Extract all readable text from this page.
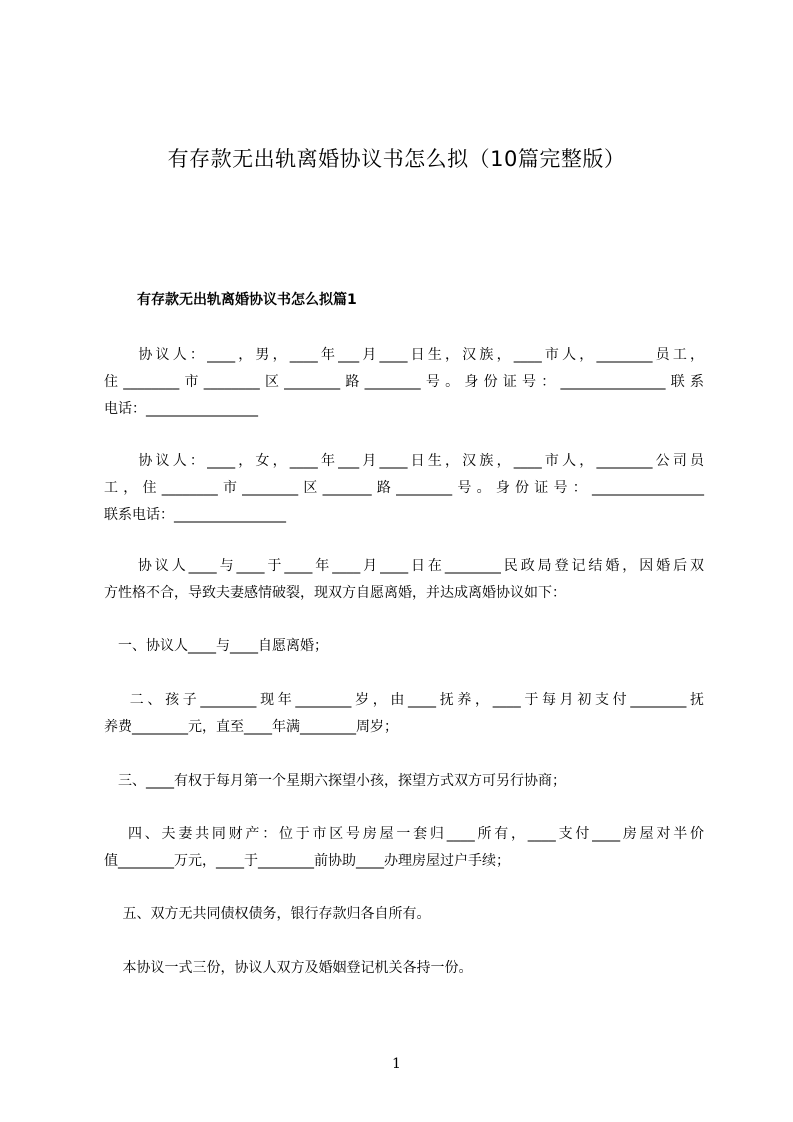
有存款无出轨离婚协议书怎么拟（10篇完整版）
有存款无出轨离婚协议书怎么拟篇1

　　协议人：____，男，____年___月____日生，汉族，____市人，________员工，
住________市________区________路________号。身份证号：_______________联系
电话：________________

　　协议人：____，女，____年___月____日生，汉族，____市人，________公司员
工，住________市________区_______路________号。身份证号：________________
联系电话：________________

　　协议人____与____于____年____月____日在________民政局登记结婚，因婚后双
方性格不合，导致夫妻感情破裂，现双方自愿离婚，并达成离婚协议如下：

　一、协议人____与____自愿离婚；

　 二、孩子________现年________岁，由____抚养，____于每月初支付________抚
养费________元，直至____年满________周岁；

　三、____有权于每月第一个星期六探望小孩，探望方式双方可另行协商；

　 四、夫妻共同财产：位于市区号房屋一套归____所有，____支付____房屋对半价
值________万元，____于________前协助____办理房屋过户手续；

　 五、双方无共同债权债务，银行存款归各自所有。

　 本协议一式三份，协议人双方及婚姻登记机关各持一份。

1
